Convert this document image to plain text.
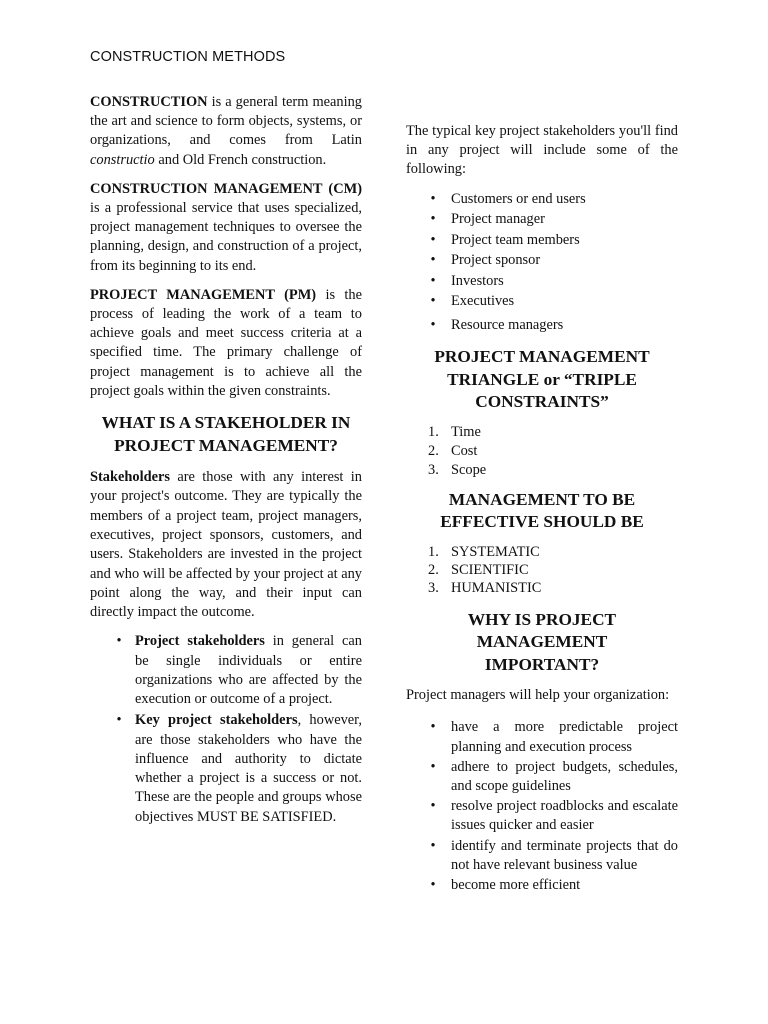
CONSTRUCTION METHODS

CONSTRUCTION is a general term meaning the art and science to form objects, systems, or organizations, and comes from Latin constructio and Old French construction.

CONSTRUCTION MANAGEMENT (CM) is a professional service that uses specialized, project management techniques to oversee the planning, design, and construction of a project, from its beginning to its end.

PROJECT MANAGEMENT (PM) is the process of leading the work of a team to achieve goals and meet success criteria at a specified time. The primary challenge of project management is to achieve all the project goals within the given constraints.

WHAT IS A STAKEHOLDER IN PROJECT MANAGEMENT?

Stakeholders are those with any interest in your project's outcome. They are typically the members of a project team, project managers, executives, project sponsors, customers, and users. Stakeholders are invested in the project and who will be affected by your project at any point along the way, and their input can directly impact the outcome.

• Project stakeholders in general can be single individuals or entire organizations who are affected by the execution or outcome of a project.

• Key project stakeholders, however, are those stakeholders who have the influence and authority to dictate whether a project is a success or not. These are the people and groups whose objectives MUST BE SATISFIED.

The typical key project stakeholders you'll find in any project will include some of the following:

• Customers or end users
• Project manager
• Project team members
• Project sponsor
• Investors
• Executives
• Resource managers
PROJECT MANAGEMENT TRIANGLE or “TRIPLE CONSTRAINTS”
1. Time
2. Cost
3. Scope
MANAGEMENT TO BE EFFECTIVE SHOULD BE
1. SYSTEMATIC
2. SCIENTIFIC
3. HUMANISTIC
WHY IS PROJECT MANAGEMENT IMPORTANT?

Project managers will help your organization:

• have a more predictable project planning and execution process

• adhere to project budgets, schedules, and scope guidelines

• resolve project roadblocks and escalate issues quicker and easier

• identify and terminate projects that do not have relevant business value

• become more efficient
